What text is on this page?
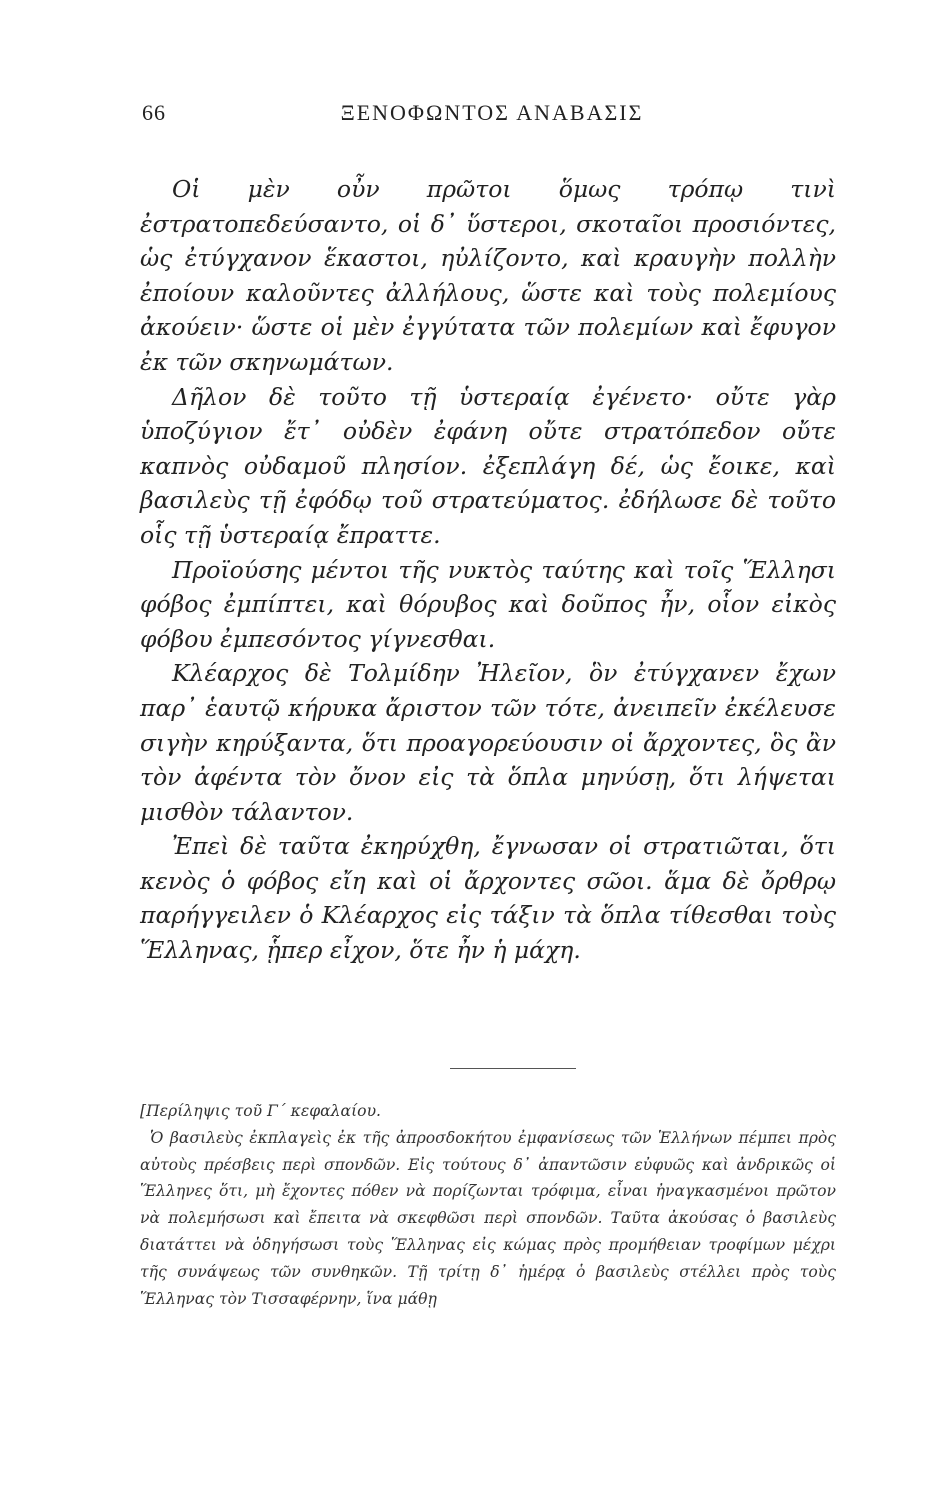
66	ΞΕΝΟΦΩΝΤΟΣ ΑΝΑΒΑΣΙΣ

Οἱ μὲν οὖν πρῶτοι ὅμως τρόπῳ τινὶ ἐστρατοπεδεύσαντο, οἱ δ᾽ ὕστεροι, σκοταῖοι προσιόντες, ὡς ἐτύγχανον ἕκαστοι, ηὐλίζοντο, καὶ κραυγὴν πολλὴν ἐποίουν καλοῦντες ἀλλήλους, ὥστε καὶ τοὺς πολεμίους ἀκούειν· ὥστε οἱ μὲν ἐγγύτατα τῶν πολεμίων καὶ ἔφυγον ἐκ τῶν σκηνωμάτων.

Δῆλον δὲ τοῦτο τῇ ὑστεραίᾳ ἐγένετο· οὔτε γὰρ ὑποζύγιον ἔτ᾽ οὐδὲν ἐφάνη οὔτε στρατόπεδον οὔτε καπνὸς οὐδαμοῦ πλησίον. ἐξεπλάγη δέ, ὡς ἔοικε, καὶ βασιλεὺς τῇ ἐφόδῳ τοῦ στρατεύματος. ἐδήλωσε δὲ τοῦτο οἷς τῇ ὑστεραίᾳ ἔπραττε.

Προϊούσης μέντοι τῆς νυκτὸς ταύτης καὶ τοῖς Ἕλλησι φόβος ἐμπίπτει, καὶ θόρυβος καὶ δοῦπος ἦν, οἷον εἰκὸς φόβου ἐμπεσόντος γίγνεσθαι.

Κλέαρχος δὲ Τολμίδην Ἠλεῖον, ὃν ἐτύγχανεν ἔχων παρ᾽ ἑαυτῷ κήρυκα ἄριστον τῶν τότε, ἀνειπεῖν ἐκέλευσε σιγὴν κηρύξαντα, ὅτι προαγορεύουσιν οἱ ἄρχοντες, ὃς ἂν τὸν ἀφέντα τὸν ὄνον εἰς τὰ ὅπλα μηνύσῃ, ὅτι λήψεται μισθὸν τάλαντον.

Ἐπεὶ δὲ ταῦτα ἐκηρύχθη, ἔγνωσαν οἱ στρατιῶται, ὅτι κενὸς ὁ φόβος εἴη καὶ οἱ ἄρχοντες σῶοι. ἅμα δὲ ὄρθρῳ παρήγγειλεν ὁ Κλέαρχος εἰς τάξιν τὰ ὅπλα τίθεσθαι τοὺς Ἕλληνας, ᾗπερ εἶχον, ὅτε ἦν ἡ μάχη.

[Περίληψις τοῦ Γ´ κεφαλαίου.

Ὁ βασιλεὺς ἐκπλαγεὶς ἐκ τῆς ἀπροσδοκήτου ἐμφανίσεως τῶν Ἑλλήνων πέμπει πρὸς αὐτοὺς πρέσβεις περὶ σπονδῶν. Εἰς τούτους δ᾽ ἀπαντῶσιν εὐφυῶς καὶ ἀνδρικῶς οἱ Ἕλληνες ὅτι, μὴ ἔχοντες πόθεν νὰ πορίζωνται τρόφιμα, εἶναι ἠναγκασμένοι πρῶτον νὰ πολεμήσωσι καὶ ἔπειτα νὰ σκεφθῶσι περὶ σπονδῶν. Ταῦτα ἀκούσας ὁ βασιλεὺς διατάττει νὰ ὁδηγήσωσι τοὺς Ἕλληνας εἰς κώμας πρὸς προμήθειαν τροφίμων μέχρι τῆς συνάψεως τῶν συνθηκῶν. Τῇ τρίτῃ δ᾽ ἡμέρᾳ ὁ βασιλεὺς στέλλει πρὸς τοὺς Ἕλληνας τὸν Τισσαφέρνην, ἵνα μάθῃ
